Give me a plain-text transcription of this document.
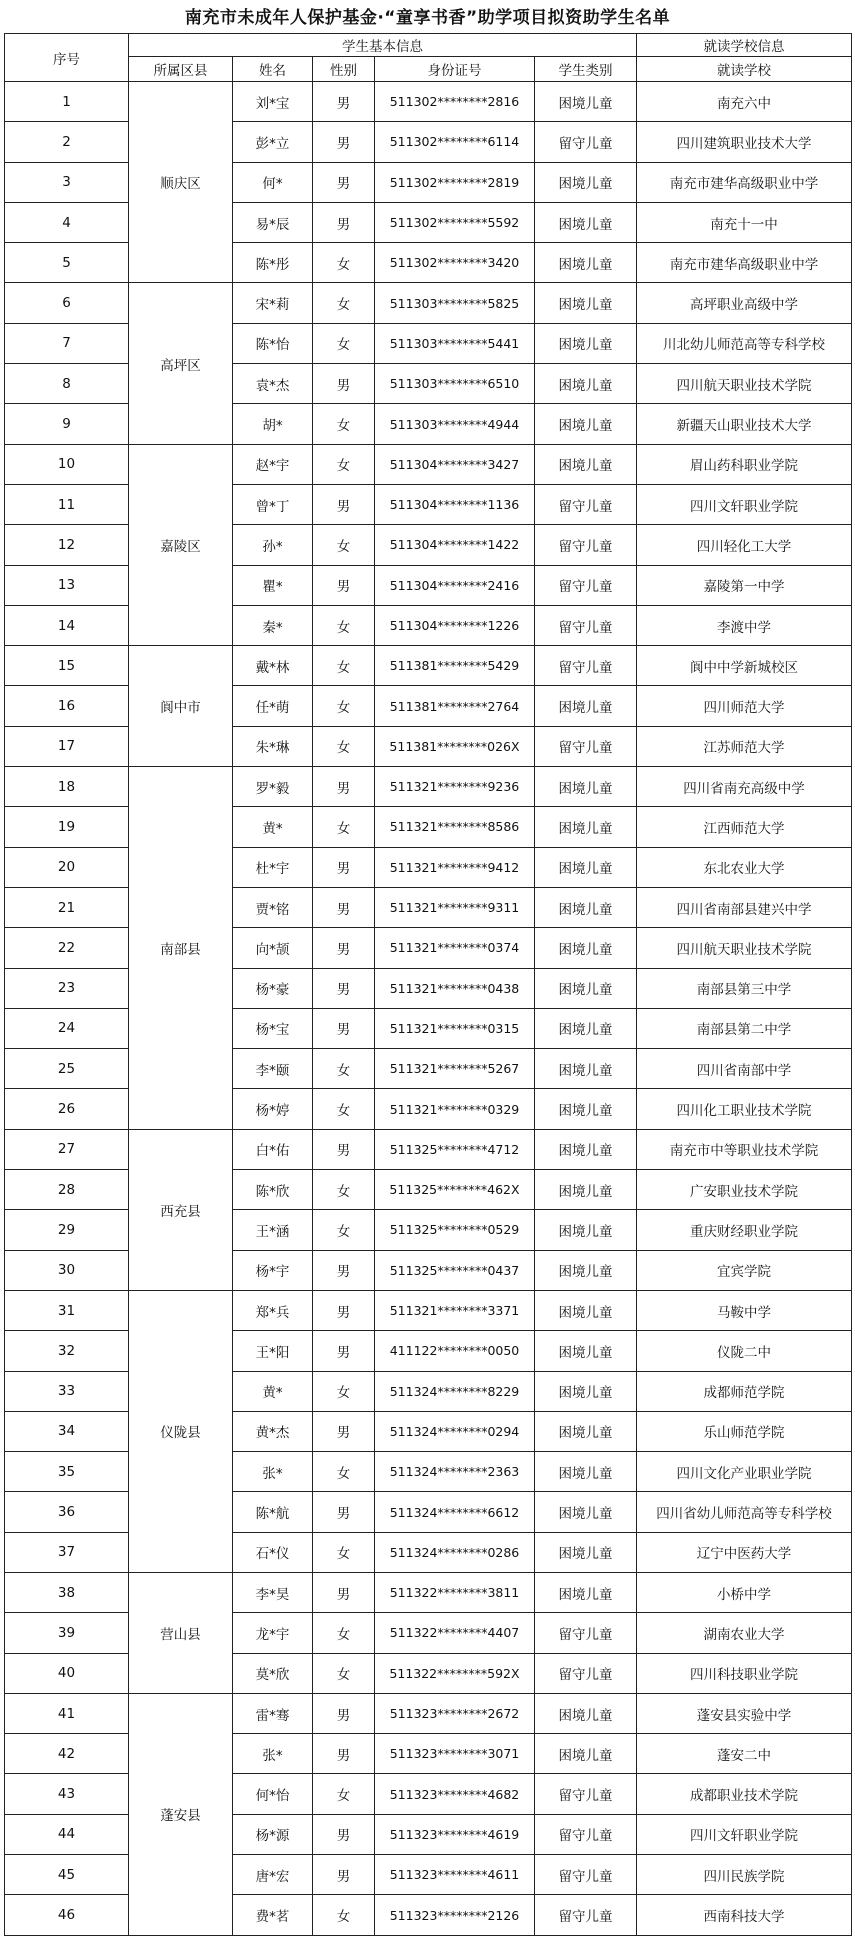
南充市未成年人保护基金·“童享书香”助学项目拟资助学生名单
序号	学生基本信息					就读学校信息
	所属区县	姓名	性别	身份证号	学生类别	就读学校
1	顺庆区	刘*宝	男	511302********2816	困境儿童	南充六中
2		彭*立	男	511302********6114	留守儿童	四川建筑职业技术大学
3		何*	男	511302********2819	困境儿童	南充市建华高级职业中学
4		易*辰	男	511302********5592	困境儿童	南充十一中
5		陈*彤	女	511302********3420	困境儿童	南充市建华高级职业中学
6	高坪区	宋*莉	女	511303********5825	困境儿童	高坪职业高级中学
7		陈*怡	女	511303********5441	困境儿童	川北幼儿师范高等专科学校
8		袁*杰	男	511303********6510	困境儿童	四川航天职业技术学院
9		胡*	女	511303********4944	困境儿童	新疆天山职业技术大学
10	嘉陵区	赵*宇	女	511304********3427	困境儿童	眉山药科职业学院
11		曾*丁	男	511304********1136	留守儿童	四川文轩职业学院
12		孙*	女	511304********1422	留守儿童	四川轻化工大学
13		瞿*	男	511304********2416	留守儿童	嘉陵第一中学
14		秦*	女	511304********1226	留守儿童	李渡中学
15	阆中市	戴*林	女	511381********5429	留守儿童	阆中中学新城校区
16		任*萌	女	511381********2764	困境儿童	四川师范大学
17		朱*琳	女	511381********026X	留守儿童	江苏师范大学
18	南部县	罗*毅	男	511321********9236	困境儿童	四川省南充高级中学
19		黄*	女	511321********8586	困境儿童	江西师范大学
20		杜*宇	男	511321********9412	困境儿童	东北农业大学
21		贾*铭	男	511321********9311	困境儿童	四川省南部县建兴中学
22		向*颉	男	511321********0374	困境儿童	四川航天职业技术学院
23		杨*豪	男	511321********0438	困境儿童	南部县第三中学
24		杨*宝	男	511321********0315	困境儿童	南部县第二中学
25		李*颐	女	511321********5267	困境儿童	四川省南部中学
26		杨*婷	女	511321********0329	困境儿童	四川化工职业技术学院
27	西充县	白*佑	男	511325********4712	困境儿童	南充市中等职业技术学院
28		陈*欣	女	511325********462X	困境儿童	广安职业技术学院
29		王*涵	女	511325********0529	困境儿童	重庆财经职业学院
30		杨*宇	男	511325********0437	困境儿童	宜宾学院
31	仪陇县	郑*兵	男	511321********3371	困境儿童	马鞍中学
32		王*阳	男	411122********0050	困境儿童	仪陇二中
33		黄*	女	511324********8229	困境儿童	成都师范学院
34		黄*杰	男	511324********0294	困境儿童	乐山师范学院
35		张*	女	511324********2363	困境儿童	四川文化产业职业学院
36		陈*航	男	511324********6612	困境儿童	四川省幼儿师范高等专科学校
37		石*仪	女	511324********0286	困境儿童	辽宁中医药大学
38	营山县	李*昊	男	511322********3811	困境儿童	小桥中学
39		龙*宇	女	511322********4407	留守儿童	湖南农业大学
40		莫*欣	女	511322********592X	留守儿童	四川科技职业学院
41	蓬安县	雷*骞	男	511323********2672	困境儿童	蓬安县实验中学
42		张*	男	511323********3071	困境儿童	蓬安二中
43		何*怡	女	511323********4682	留守儿童	成都职业技术学院
44		杨*源	男	511323********4619	留守儿童	四川文轩职业学院
45		唐*宏	男	511323********4611	留守儿童	四川民族学院
46		费*茗	女	511323********2126	留守儿童	西南科技大学
